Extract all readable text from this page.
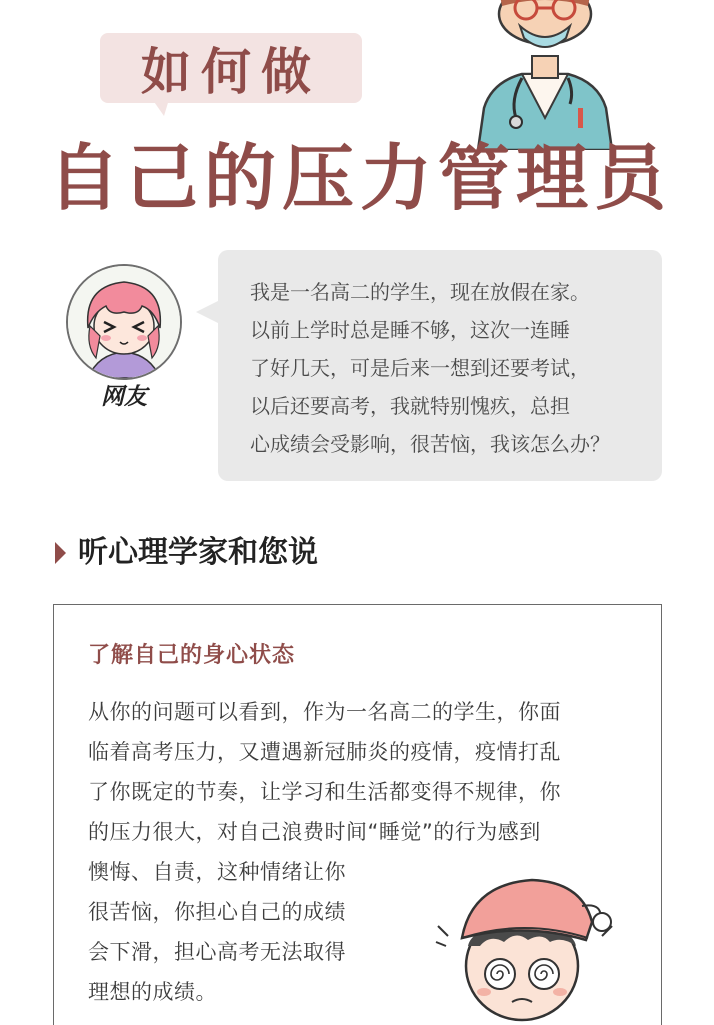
如何做
自己的压力管理员
网友
我是一名高二的学生，现在放假在家。
以前上学时总是睡不够，这次一连睡
了好几天，可是后来一想到还要考试，
以后还要高考，我就特别愧疚，总担
心成绩会受影响，很苦恼，我该怎么办？
听心理学家和您说
了解自己的身心状态
从你的问题可以看到，作为一名高二的学生，你面
临着高考压力，又遭遇新冠肺炎的疫情，疫情打乱
了你既定的节奏，让学习和生活都变得不规律，你
的压力很大，对自己浪费时间“睡觉”的行为感到
懊悔、自责，这种情绪让你
很苦恼，你担心自己的成绩
会下滑，担心高考无法取得
理想的成绩。
